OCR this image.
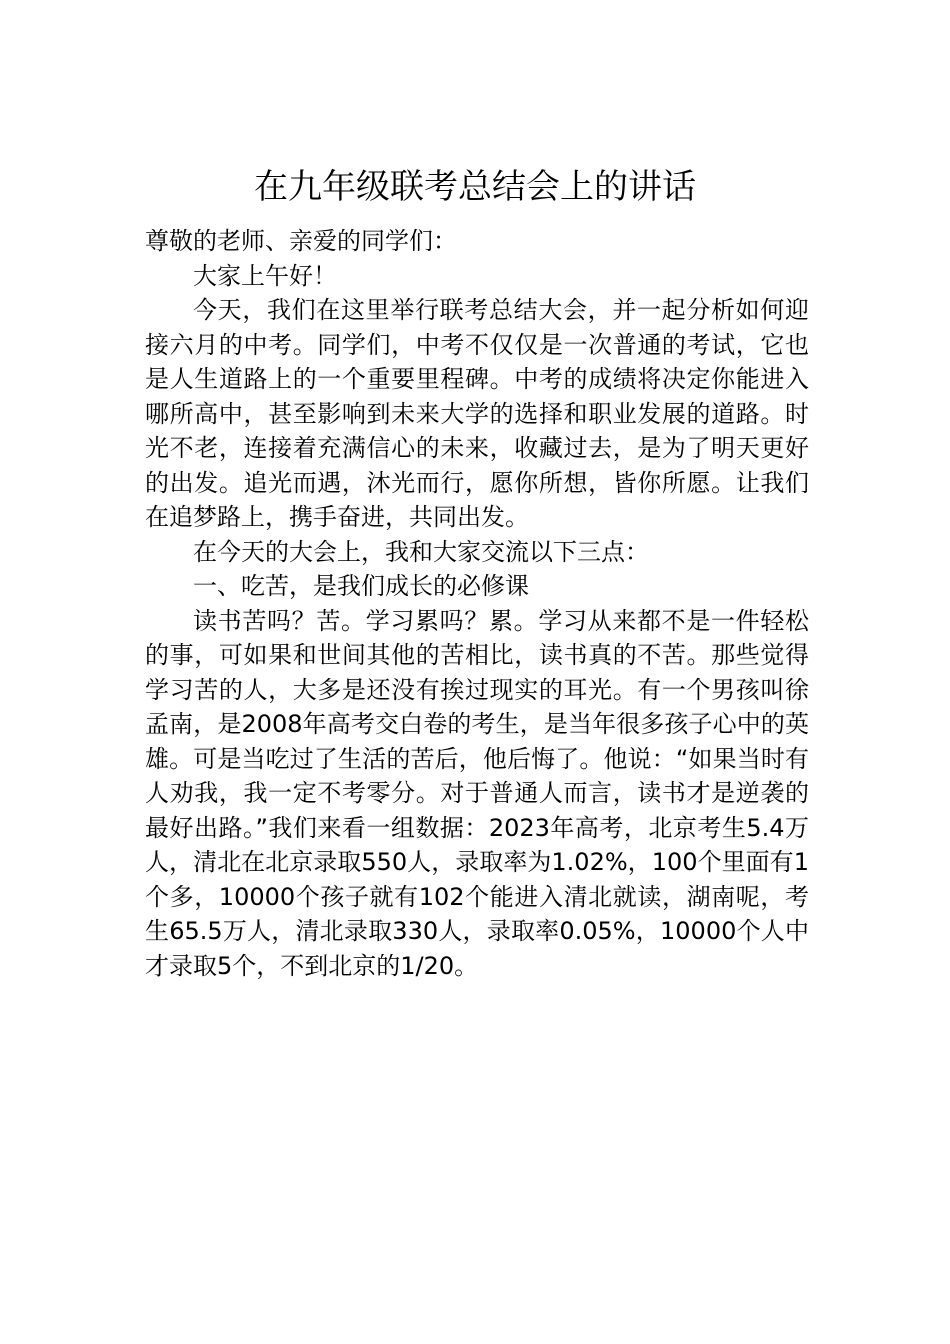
在九年级联考总结会上的讲话

尊敬的老师、亲爱的同学们：

大家上午好！

今天，我们在这里举行联考总结大会，并一起分析如何迎接六月的中考。同学们，中考不仅仅是一次普通的考试，它也是人生道路上的一个重要里程碑。中考的成绩将决定你能进入哪所高中，甚至影响到未来大学的选择和职业发展的道路。时光不老，连接着充满信心的未来，收藏过去，是为了明天更好的出发。追光而遇，沐光而行，愿你所想，皆你所愿。让我们在追梦路上，携手奋进，共同出发。

在今天的大会上，我和大家交流以下三点：

一、吃苦，是我们成长的必修课

读书苦吗？苦。学习累吗？累。学习从来都不是一件轻松的事，可如果和世间其他的苦相比，读书真的不苦。那些觉得学习苦的人，大多是还没有挨过现实的耳光。有一个男孩叫徐孟南，是2008年高考交白卷的考生，是当年很多孩子心中的英雄。可是当吃过了生活的苦后，他后悔了。他说：“如果当时有人劝我，我一定不考零分。对于普通人而言，读书才是逆袭的最好出路。”我们来看一组数据：2023年高考，北京考生5.4万人，清北在北京录取550人，录取率为1.02%，100个里面有1个多，10000个孩子就有102个能进入清北就读，湖南呢，考生65.5万人，清北录取330人，录取率0.05%，10000个人中才录取5个，不到北京的1/20。
